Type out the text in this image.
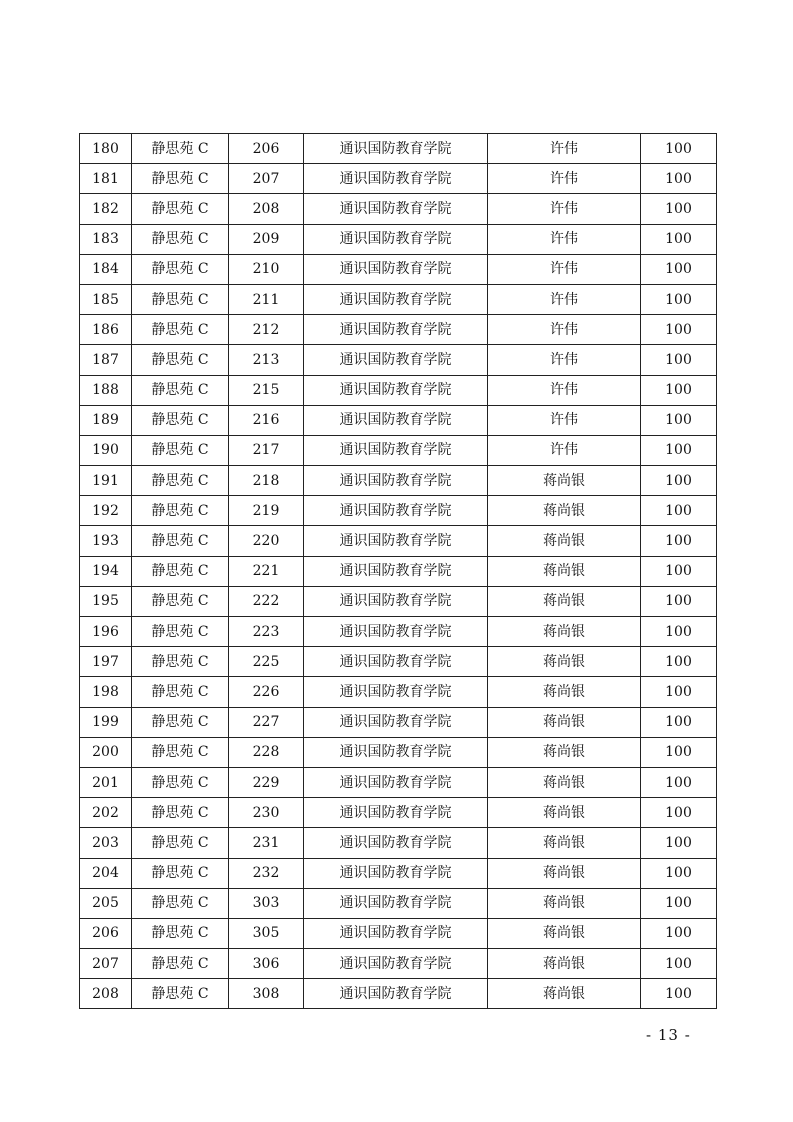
180	静思苑 C	206	通识国防教育学院	许伟	100
181	静思苑 C	207	通识国防教育学院	许伟	100
182	静思苑 C	208	通识国防教育学院	许伟	100
183	静思苑 C	209	通识国防教育学院	许伟	100
184	静思苑 C	210	通识国防教育学院	许伟	100
185	静思苑 C	211	通识国防教育学院	许伟	100
186	静思苑 C	212	通识国防教育学院	许伟	100
187	静思苑 C	213	通识国防教育学院	许伟	100
188	静思苑 C	215	通识国防教育学院	许伟	100
189	静思苑 C	216	通识国防教育学院	许伟	100
190	静思苑 C	217	通识国防教育学院	许伟	100
191	静思苑 C	218	通识国防教育学院	蒋尚银	100
192	静思苑 C	219	通识国防教育学院	蒋尚银	100
193	静思苑 C	220	通识国防教育学院	蒋尚银	100
194	静思苑 C	221	通识国防教育学院	蒋尚银	100
195	静思苑 C	222	通识国防教育学院	蒋尚银	100
196	静思苑 C	223	通识国防教育学院	蒋尚银	100
197	静思苑 C	225	通识国防教育学院	蒋尚银	100
198	静思苑 C	226	通识国防教育学院	蒋尚银	100
199	静思苑 C	227	通识国防教育学院	蒋尚银	100
200	静思苑 C	228	通识国防教育学院	蒋尚银	100
201	静思苑 C	229	通识国防教育学院	蒋尚银	100
202	静思苑 C	230	通识国防教育学院	蒋尚银	100
203	静思苑 C	231	通识国防教育学院	蒋尚银	100
204	静思苑 C	232	通识国防教育学院	蒋尚银	100
205	静思苑 C	303	通识国防教育学院	蒋尚银	100
206	静思苑 C	305	通识国防教育学院	蒋尚银	100
207	静思苑 C	306	通识国防教育学院	蒋尚银	100
208	静思苑 C	308	通识国防教育学院	蒋尚银	100
- 13 -
